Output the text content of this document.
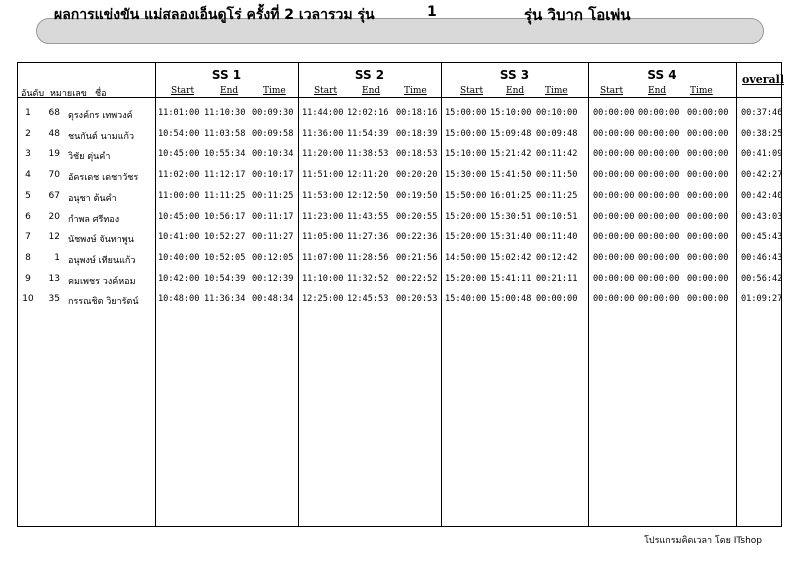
ผลการแข่งขัน แม่สลองเอ็นดูโร่ ครั้งที่ 2 เวลารวม รุ่น	1	รุ่น วิบาก โอเพ่น
SS 1	SS 2	SS 3	SS 4
อันดับ หมายเลข ชื่อ	Start	End	Time	Start	End	Time	Start	End Time	Start	End	Time
overall
1	68 ดุรงค์กร เทพวงค์	11:01:00 11:10:30 00:09:30 11:44:00 12:02:16 00:18:16 15:00:00 15:10:00 00:10:00 00:00:00 00:00:00 00:00:00 00:37:46
2	48 ชนกันต์ นามแก้ว	10:54:00 11:03:58 00:09:58 11:36:00 11:54:39 00:18:39 15:00:00 15:09:48 00:09:48 00:00:00 00:00:00 00:00:00 00:38:25
3	19 วิชัย ตุ่นคำ	10:45:00 10:55:34 00:10:34 11:20:00 11:38:53 00:18:53 15:10:00 15:21:42 00:11:42 00:00:00 00:00:00 00:00:00 00:41:09
4	70 อัครเดช เดชาวัชร 11:02:00 11:12:17 00:10:17 11:51:00 12:11:20 00:20:20 15:30:00 15:41:50 00:11:50 00:00:00 00:00:00 00:00:00 00:42:27
5	67 อนุชา ต้นคำ	11:00:00 11:11:25 00:11:25 11:53:00 12:12:50 00:19:50 15:50:00 16:01:25 00:11:25 00:00:00 00:00:00 00:00:00 00:42:40
6	20 กำพล ศรีทอง	10:45:00 10:56:17 00:11:17 11:23:00 11:43:55 00:20:55 15:20:00 15:30:51 00:10:51 00:00:00 00:00:00 00:00:00 00:43:03
7	12 นัชพงษ์ จันทาพูน	10:41:00 10:52:27 00:11:27 11:05:00 11:27:36 00:22:36 15:20:00 15:31:40 00:11:40 00:00:00 00:00:00 00:00:00 00:45:43
8	1 อนุพงษ์ เทียนแก้ว	10:40:00 10:52:05 00:12:05 11:07:00 11:28:56 00:21:56 14:50:00 15:02:42 00:12:42 00:00:00 00:00:00 00:00:00 00:46:43
9	13 คมเพชร วงค์หอม	10:42:00 10:54:39 00:12:39 11:10:00 11:32:52 00:22:52 15:20:00 15:41:11 00:21:11 00:00:00 00:00:00 00:00:00 00:56:42
10	35 กรรณชิต วิยารัตน์ 10:48:00 11:36:34 00:48:34 12:25:00 12:45:53 00:20:53 15:40:00 15:00:48 00:00:00 00:00:00 00:00:00 00:00:00 01:09:27
โปรแกรมคิดเวลา โดย ITshop
